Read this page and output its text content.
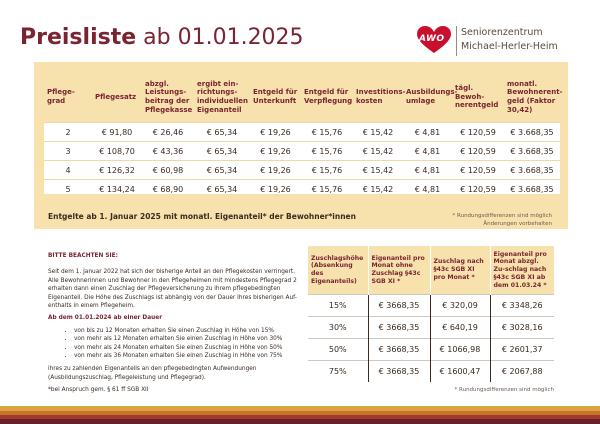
Preisliste ab 01.01.2025	AWO
Seniorenzentrum
Michael-Herler-Heim
Pflege-grad	Pflegesatz	abzgl. Leistungs-beitrag der Pflegekasse	ergibt ein-richtungs-individuellen Eigenanteil	Entgeld für Unterkunft	Entgeld für Verpflegung	Investitions-kosten	Ausbildungs-umlage	tägl. Bewoh-nerentgeld	monatl. Bewohnerent-geld (Faktor 30,42)
2	€ 91,80	€ 26,46	€ 65,34	€ 19,26	€ 15,76	€ 15,42	€ 4,81	€ 120,59	€ 3.668,35
3	€ 108,70	€ 43,36	€ 65,34	€ 19,26	€ 15,76	€ 15,42	€ 4,81	€ 120,59	€ 3.668,35
4	€ 126,32	€ 60,98	€ 65,34	€ 19,26	€ 15,76	€ 15,42	€ 4,81	€ 120,59	€ 3.668,35
5	€ 134,24	€ 68,90	€ 65,34	€ 19,26	€ 15,76	€ 15,42	€ 4,81	€ 120,59	€ 3.668,35
Entgelte ab 1. Januar 2025 mit monatl. Eigenanteil* der Bewohner*innen	* Rundungsdifferenzen sind möglich
Änderungen vorbehalten
BITTE BEACHTEN SIE:

Seit dem 1. Januar 2022 hat sich der bisherige Anteil an den Pflegekosten verringert. Alle Bewohnerinnen und Bewohner in den Pflegeheimen mit mindestens Pflegegrad 2 erhalten dann einen Zuschlag der Pflegeversicherung zu ihrem pflegebedingten Eigenanteil. Die Höhe des Zuschlags ist abhängig von der Dauer Ihres bisherigen Auf-enthalts in einem Pflegeheim.

Ab dem 01.01.2024 ab einer Dauer
• von bis zu 12 Monaten erhalten Sie einen Zuschlag in Höhe von 15%
• von mehr als 12 Monaten erhalten Sie einen Zuschlag in Höhe von 30%
• von mehr als 24 Monaten erhalten Sie einen Zuschlag in Höhe von 50%
• von mehr als 36 Monaten erhalten Sie einen Zuschlag in Höhe von 75%

ihres zu zahlenden Eigenanteils an den pflegebedingten Aufwendungen (Ausbildungszuschlag, Pflegeleistung und Pflegegrad).

*bei Anspruch gem. § 61 ff SGB XII

Zuschlagshöhe (Absenkung des Eigenanteils)	Eigenanteil pro Monat ohne Zuschlag §43c SGB XI *	Zuschlag nach §43c SGB XI pro Monat *	Eigenanteil pro Monat abzgl. Zu-schlag nach §43c SGB XI ab dem 01.03.24 *
15%	€ 3668,35	€ 320,09	€ 3348,26
30%	€ 3668,35	€ 640,19	€ 3028,16
50%	€ 3668,35	€ 1066,98	€ 2601,37
75%	€ 3668,35	€ 1600,47	€ 2067,88
* Rundungsdifferenzen sind möglich
